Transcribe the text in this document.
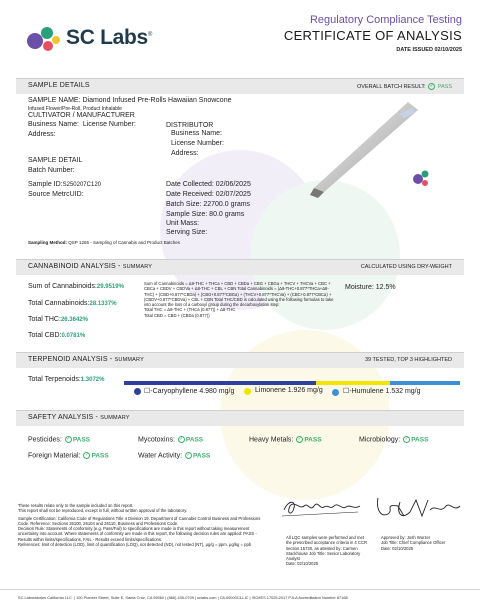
SC Labs®
Regulatory Compliance Testing
CERTIFICATE OF ANALYSIS
DATE ISSUED 02/10/2025
SAMPLE DETAILS	OVERALL BATCH RESULT: ✓ PASS
SAMPLE NAME: Diamond Infused Pre-Rolls Hawaiian Snowcone
Infused Flower/Pre-Roll, Product Inhalable
CULTIVATOR / MANUFACTURER
Business Name: License Number:
Address:
DISTRIBUTOR
Business Name:
License Number:
Address:
SAMPLE DETAIL
Batch Number:
Sample ID:S250207C120
Source MetrcUID:
Date Collected: 02/06/2025
Date Received: 02/07/2025
Batch Size: 22700.0 grams
Sample Size: 80.0 grams
Unit Mass:
Serving Size:
Sampling Method: QSP 1265 - Sampling of Cannabis and Product Batches
CANNABINOID ANALYSIS - SUMMARY	CALCULATED USING DRY-WEIGHT
Sum of Cannabinoids:29.9519%
Total Cannabinoids:28.1337%
Total THC:26.3642%
Total CBD:0.0781%
Sum of Cannabinoids = Δ9-THC + THCa + CBD + CBDa + CBG + CBGa + THCV + THCVa + CBC + CBCa + CBDV + CBDVa + Δ8-THC + CBL + CBN Total Cannabinoids = (Δ9-THC+0.877*THCa+Δ8-THC) + (CBD+0.877*CBDa) + (CBG+0.877*CBGa) + (THCV+0.877*THCVa) + (CBC+0.877*CBCa) + (CBDV+0.877*CBDVa) + CBL + CBN Total THC/CBD is calculated using the following formulas to take into account the loss of a carboxyl group during the decarboxylation step:
Total THC = Δ9-THC + (THCa (0.877)) + Δ8-THC
Total CBD = CBD + (CBDa (0.877))
Moisture: 12.5%
TERPENOID ANALYSIS - SUMMARY	39 TESTED, TOP 3 HIGHLIGHTED
Total Terpenoids:1.3072%
☐-Caryophyllene 4.980 mg/g	Limonene 1.926 mg/g	☐-Humulene 1.532 mg/g
SAFETY ANALYSIS - SUMMARY
Pesticides: ✓ PASS	Mycotoxins: ✓ PASS	Heavy Metals: ✓ PASS	Microbiology: ✓ PASS
Foreign Material: ✓ PASS	Water Activity: ✓ PASS
These results relate only to the sample included on this report.
This report shall not be reproduced, except in full, without written approval of the laboratory.
Sample Certification: California Code of Regulations Title 4 Division 19. Department of Cannabis Control Business and Professions Code. Reference: Sections 26100, 26104 and 26110, Business and Professions Code.
Decision Rule: Statements of conformity (e.g. Pass/Fail) to specifications are made in this report without taking measurement uncertainty into account. Where statements of conformity are made in this report, the following decision rules are applied: PASS - Results within limits/specifications, FAIL - Results exceed limits/specifications.
References: limit of detection (LOD), limit of quantification (LOQ), not detected (ND), not tested (NT), μg/g = ppm, μg/kg = ppb
All LQC samples were performed and met the prescribed acceptance criteria in 4 CCR section 15730, as attested by: Carmen Stackhouse Job Title: Senior Laboratory Analyst
Date: 02/10/2025
Approved by: Josh Wurzer
Job Title: Chief Compliance Officer
Date: 02/10/2025
SC Laboratories California LLC. | 100 Pioneer Street, Suite E, Santa Cruz, CA 95060 | (866) 435-0709 | sclabs.com | C8-0000013-LIC | ISO/IES 17025:2017 PJLA Accreditation Number 87168
